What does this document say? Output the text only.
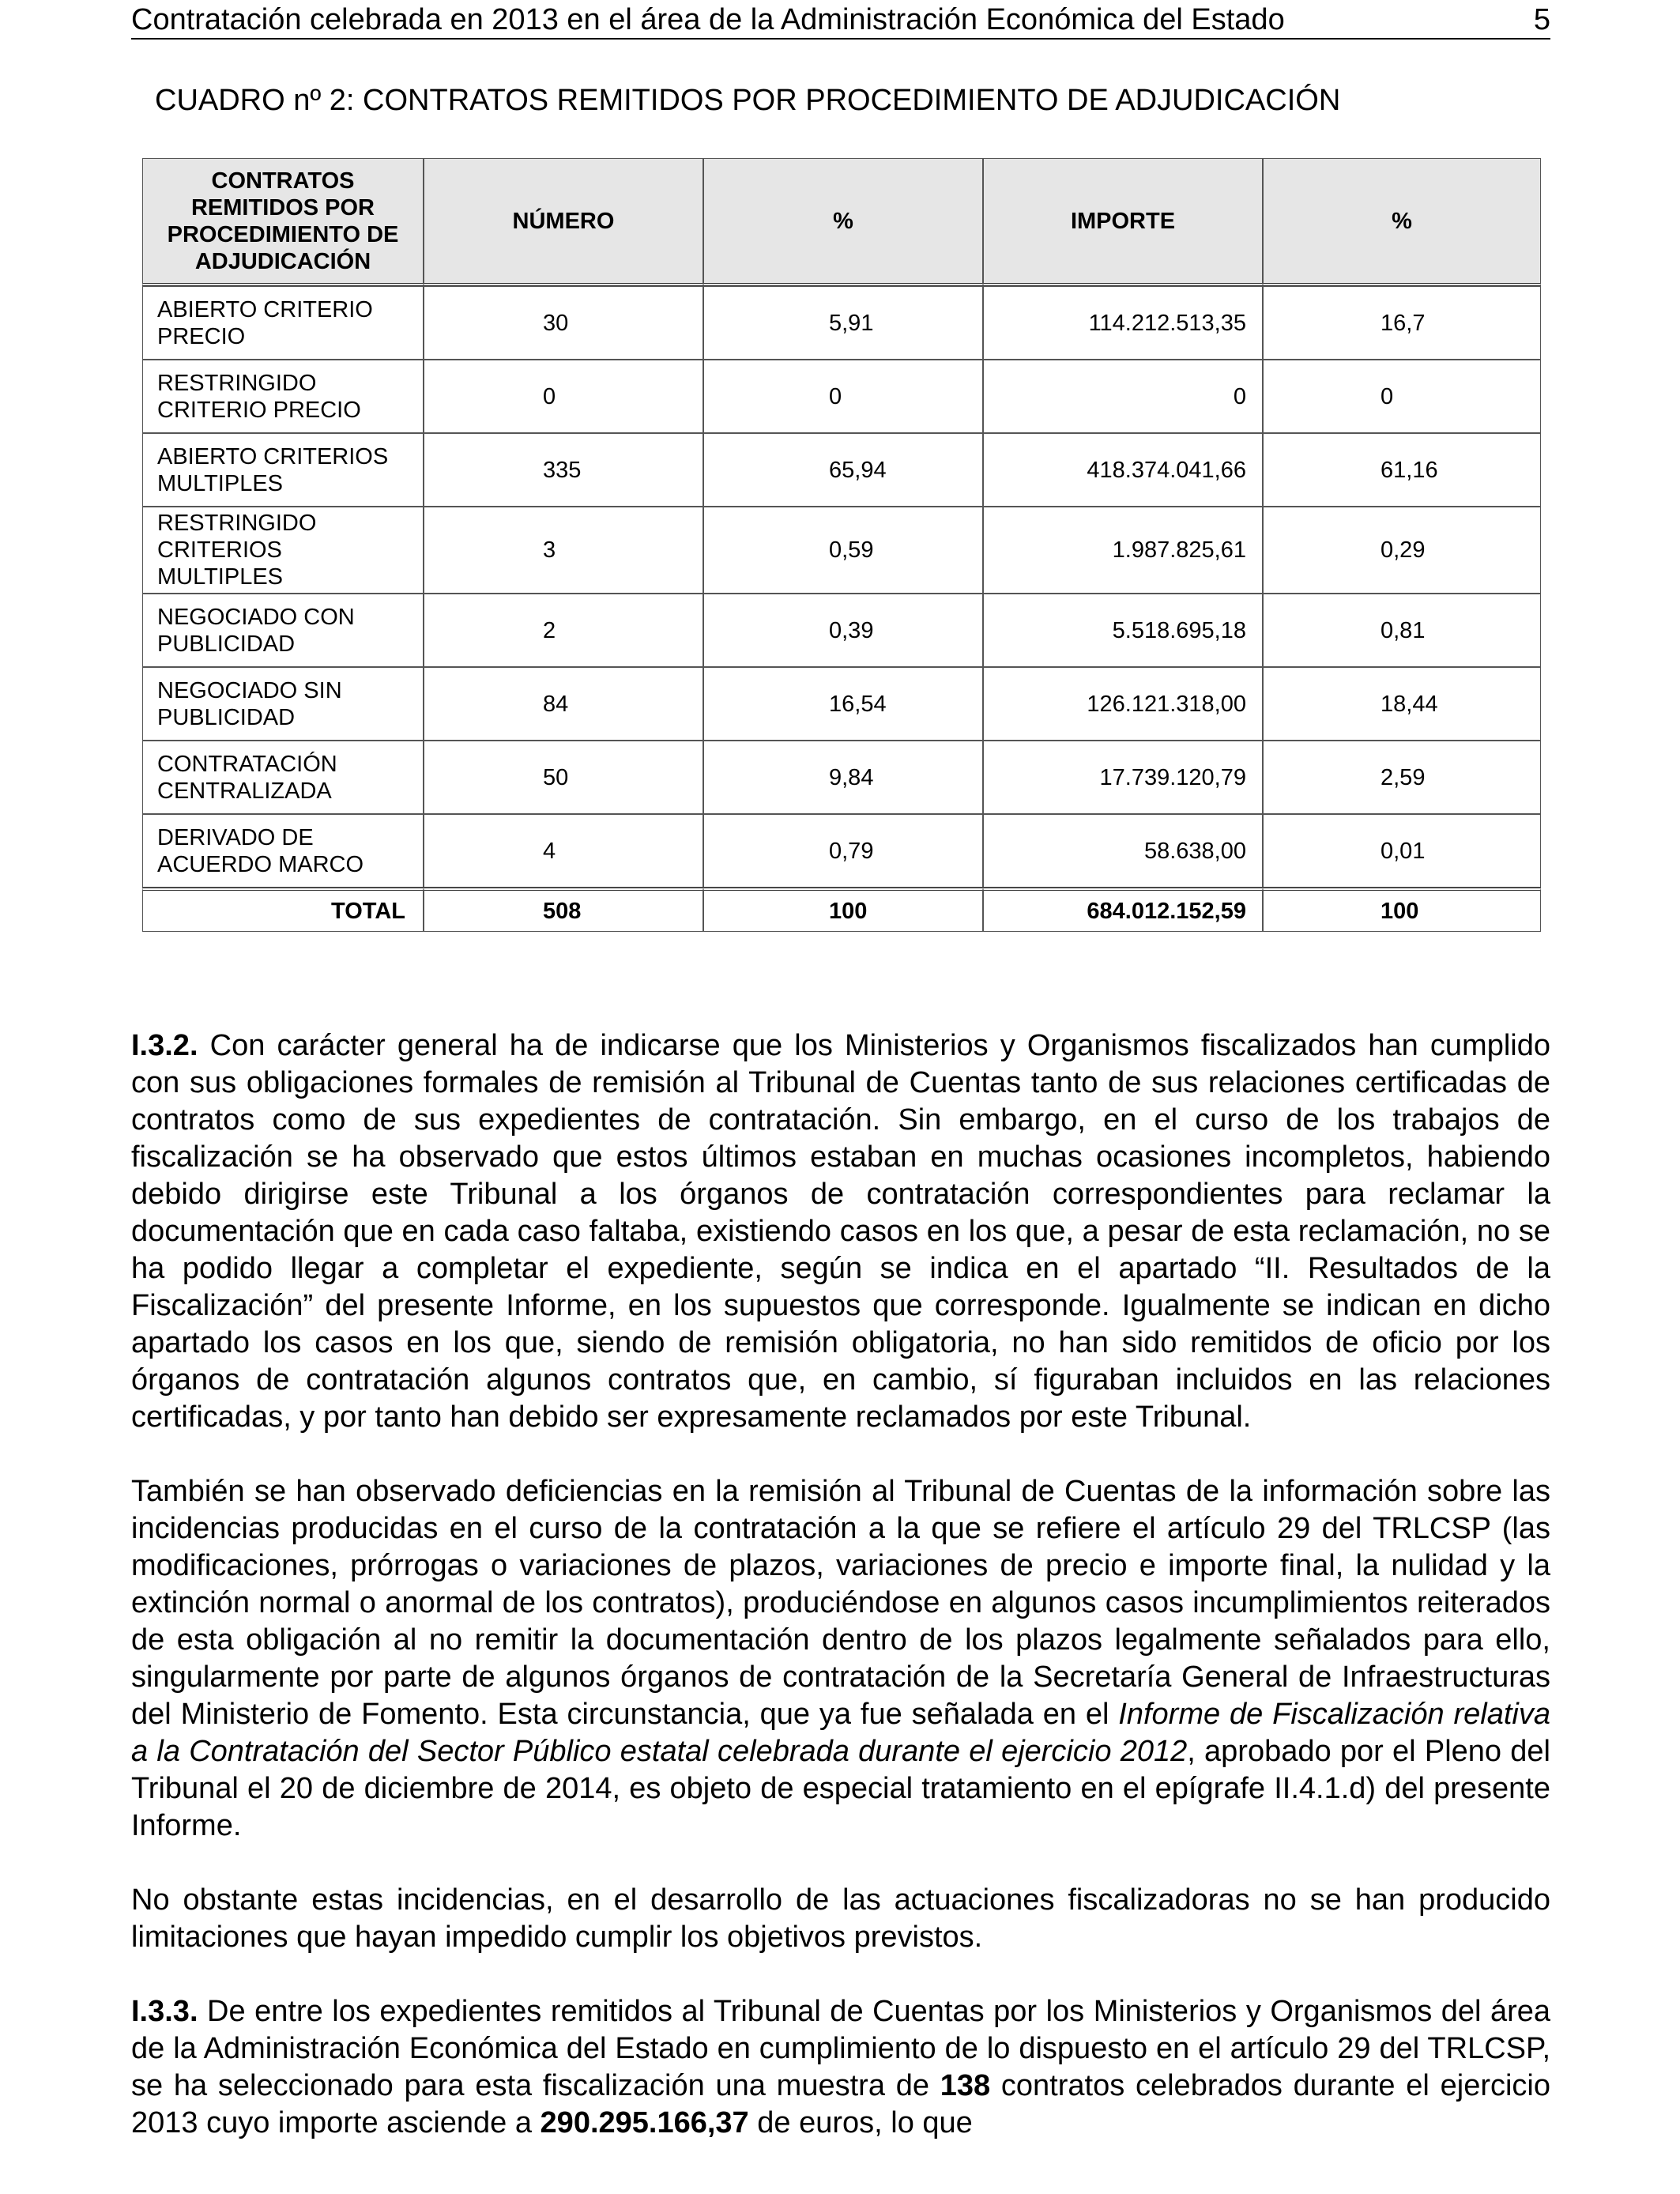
Contratación celebrada en 2013 en el área de la Administración Económica del Estado	5
CUADRO nº 2: CONTRATOS REMITIDOS POR PROCEDIMIENTO DE ADJUDICACIÓN
CONTRATOS REMITIDOS POR PROCEDIMIENTO DE ADJUDICACIÓN	NÚMERO	%	IMPORTE	%
ABIERTO CRITERIO PRECIO	30	5,91	114.212.513,35	16,7
RESTRINGIDO CRITERIO PRECIO	0	0	0	0
ABIERTO CRITERIOS MULTIPLES	335	65,94	418.374.041,66	61,16
RESTRINGIDO CRITERIOS MULTIPLES	3	0,59	1.987.825,61	0,29
NEGOCIADO CON PUBLICIDAD	2	0,39	5.518.695,18	0,81
NEGOCIADO SIN PUBLICIDAD	84	16,54	126.121.318,00	18,44
CONTRATACIÓN CENTRALIZADA	50	9,84	17.739.120,79	2,59
DERIVADO DE ACUERDO MARCO	4	0,79	58.638,00	0,01
TOTAL	508	100	684.012.152,59	100

I.3.2. Con carácter general ha de indicarse que los Ministerios y Organismos fiscalizados han cumplido con sus obligaciones formales de remisión al Tribunal de Cuentas tanto de sus relaciones certificadas de contratos como de sus expedientes de contratación. Sin embargo, en el curso de los trabajos de fiscalización se ha observado que estos últimos estaban en muchas ocasiones incompletos, habiendo debido dirigirse este Tribunal a los órganos de contratación correspondientes para reclamar la documentación que en cada caso faltaba, existiendo casos en los que, a pesar de esta reclamación, no se ha podido llegar a completar el expediente, según se indica en el apartado “II. Resultados de la Fiscalización” del presente Informe, en los supuestos que corresponde. Igualmente se indican en dicho apartado los casos en los que, siendo de remisión obligatoria, no han sido remitidos de oficio por los órganos de contratación algunos contratos que, en cambio, sí figuraban incluidos en las relaciones certificadas, y por tanto han debido ser expresamente reclamados por este Tribunal.

También se han observado deficiencias en la remisión al Tribunal de Cuentas de la información sobre las incidencias producidas en el curso de la contratación a la que se refiere el artículo 29 del TRLCSP (las modificaciones, prórrogas o variaciones de plazos, variaciones de precio e importe final, la nulidad y la extinción normal o anormal de los contratos), produciéndose en algunos casos incumplimientos reiterados de esta obligación al no remitir la documentación dentro de los plazos legalmente señalados para ello, singularmente por parte de algunos órganos de contratación de la Secretaría General de Infraestructuras del Ministerio de Fomento. Esta circunstancia, que ya fue señalada en el Informe de Fiscalización relativa a la Contratación del Sector Público estatal celebrada durante el ejercicio 2012, aprobado por el Pleno del Tribunal el 20 de diciembre de 2014, es objeto de especial tratamiento en el epígrafe II.4.1.d) del presente Informe.

No obstante estas incidencias, en el desarrollo de las actuaciones fiscalizadoras no se han producido limitaciones que hayan impedido cumplir los objetivos previstos.

I.3.3. De entre los expedientes remitidos al Tribunal de Cuentas por los Ministerios y Organismos del área de la Administración Económica del Estado en cumplimiento de lo dispuesto en el artículo 29 del TRLCSP, se ha seleccionado para esta fiscalización una muestra de 138 contratos celebrados durante el ejercicio 2013 cuyo importe asciende a 290.295.166,37 de euros, lo que
